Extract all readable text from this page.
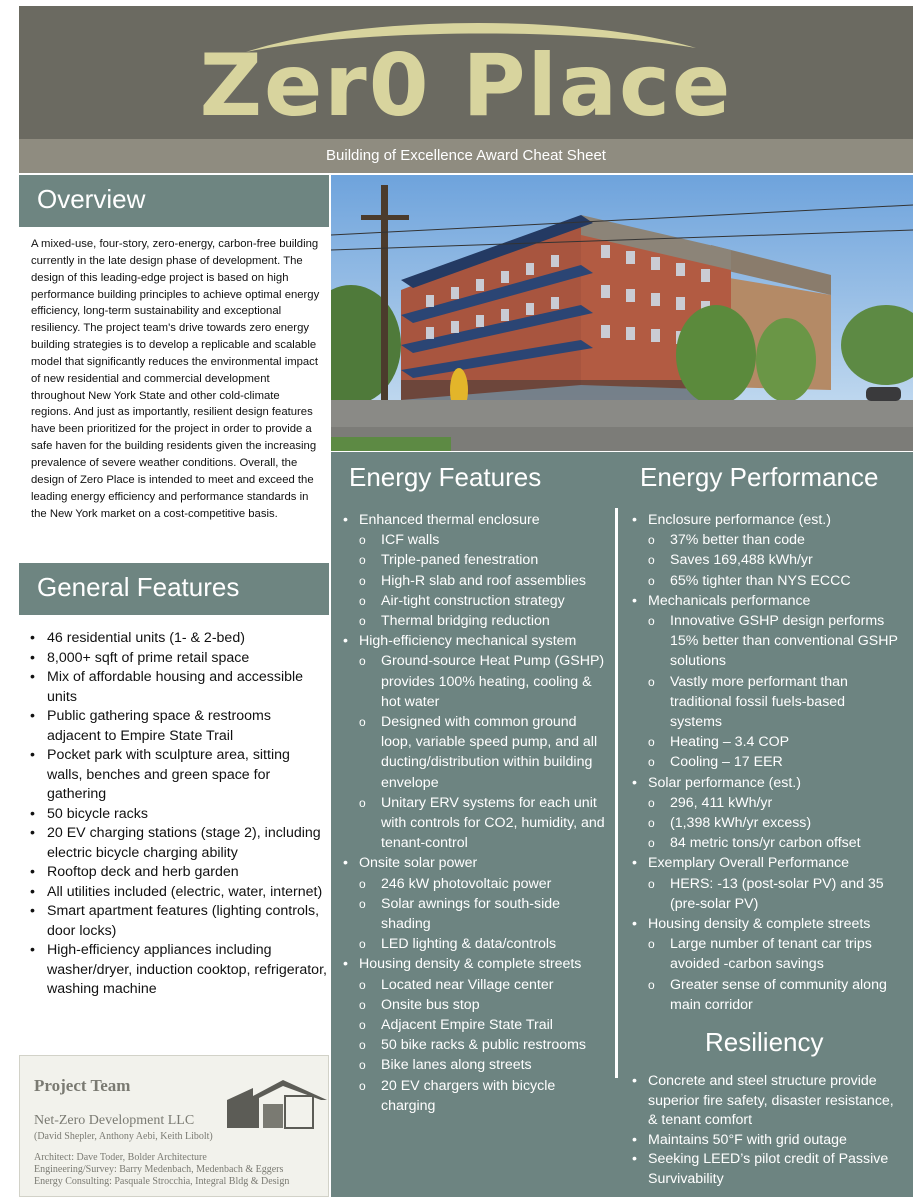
Zer0 Place
Building of Excellence Award Cheat Sheet
Overview
A mixed-use, four-story, zero-energy, carbon-free building currently in the late design phase of development. The design of this leading-edge project is based on high performance building principles to achieve optimal energy efficiency, long-term sustainability and exceptional resiliency. The project team's drive towards zero energy building strategies is to develop a replicable and scalable model that significantly reduces the environmental impact of new residential and commercial development throughout New York State and other cold-climate regions. And just as importantly, resilient design features have been prioritized for the project in order to provide a safe haven for the building residents given the increasing prevalence of severe weather conditions. Overall, the design of Zero Place is intended to meet and exceed the leading energy efficiency and performance standards in the New York market on a cost-competitive basis.
General Features
• 46 residential units (1- & 2-bed)
• 8,000+ sqft of prime retail space
• Mix of affordable housing and accessible units
• Public gathering space & restrooms adjacent to Empire State Trail
• Pocket park with sculpture area, sitting walls, benches and green space for gathering
• 50 bicycle racks
• 20 EV charging stations (stage 2), including electric bicycle charging ability
• Rooftop deck and herb garden
• All utilities included (electric, water, internet)
• Smart apartment features (lighting controls, door locks)
• High-efficiency appliances including washer/dryer, induction cooktop, refrigerator, washing machine
Project Team
Net-Zero Development LLC
(David Shepler, Anthony Aebi, Keith Libolt)
Architect: Dave Toder, Bolder Architecture
Engineering/Survey: Barry Medenbach, Medenbach & Eggers
Energy Consulting: Pasquale Strocchia, Integral Bldg & Design
Energy Features	Energy Performance
• Enhanced thermal enclosure
o ICF walls
o Triple-paned fenestration
o High-R slab and roof assemblies
o Air-tight construction strategy
o Thermal bridging reduction
• High-efficiency mechanical system
o Ground-source Heat Pump (GSHP) provides 100% heating, cooling & hot water
o Designed with common ground loop, variable speed pump, and all ducting/distribution within building envelope
o Unitary ERV systems for each unit with controls for CO2, humidity, and tenant-control
• Onsite solar power
o 246 kW photovoltaic power
o Solar awnings for south-side shading
o LED lighting & data/controls
• Housing density & complete streets
o Located near Village center
o Onsite bus stop
o Adjacent Empire State Trail
o 50 bike racks & public restrooms
o Bike lanes along streets
o 20 EV chargers with bicycle charging
• Enclosure performance (est.)
o 37% better than code
o Saves 169,488 kWh/yr
o 65% tighter than NYS ECCC
• Mechanicals performance
o Innovative GSHP design performs 15% better than conventional GSHP solutions
o Vastly more performant than traditional fossil fuels-based systems
o Heating – 3.4 COP
o Cooling – 17 EER
• Solar performance (est.)
o 296, 411 kWh/yr
o (1,398 kWh/yr excess)
o 84 metric tons/yr carbon offset
• Exemplary Overall Performance
o HERS: -13 (post-solar PV) and 35 (pre-solar PV)
• Housing density & complete streets
o Large number of tenant car trips avoided -carbon savings
o Greater sense of community along main corridor
Resiliency
• Concrete and steel structure provide superior fire safety, disaster resistance, & tenant comfort
• Maintains 50°F with grid outage
• Seeking LEED’s pilot credit of Passive Survivability
